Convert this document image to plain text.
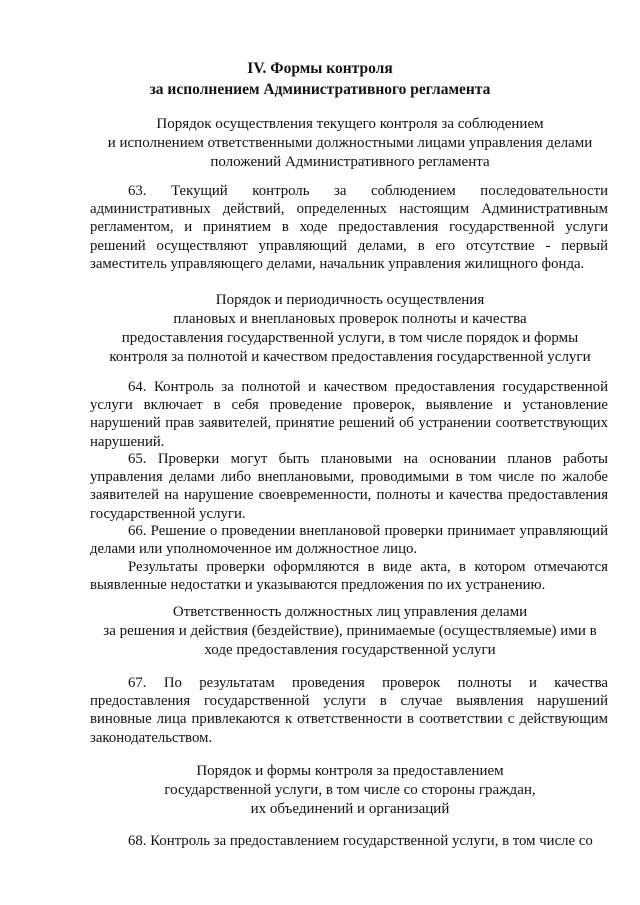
IV. Формы контроля
за исполнением Административного регламента
Порядок осуществления текущего контроля за соблюдением
и исполнением ответственными должностными лицами управления делами
положений Административного регламента

63. Текущий контроль за соблюдением последовательности административных действий, определенных настоящим Административным регламентом, и принятием в ходе предоставления государственной услуги решений осуществляют управляющий делами, в его отсутствие - первый заместитель управляющего делами, начальник управления жилищного фонда.

Порядок и периодичность осуществления
плановых и внеплановых проверок полноты и качества
предоставления государственной услуги, в том числе порядок и формы
контроля за полнотой и качеством предоставления государственной услуги

64. Контроль за полнотой и качеством предоставления государственной услуги включает в себя проведение проверок, выявление и установление нарушений прав заявителей, принятие решений об устранении соответствующих нарушений.

65. Проверки могут быть плановыми на основании планов работы управления делами либо внеплановыми, проводимыми в том числе по жалобе заявителей на нарушение своевременности, полноты и качества предоставления государственной услуги.

66. Решение о проведении внеплановой проверки принимает управляющий делами или уполномоченное им должностное лицо.

Результаты проверки оформляются в виде акта, в котором отмечаются выявленные недостатки и указываются предложения по их устранению.

Ответственность должностных лиц управления делами
за решения и действия (бездействие), принимаемые (осуществляемые) ими в
ходе предоставления государственной услуги

67. По результатам проведения проверок полноты и качества предоставления государственной услуги в случае выявления нарушений виновные лица привлекаются к ответственности в соответствии с действующим законодательством.

Порядок и формы контроля за предоставлением
государственной услуги, в том числе со стороны граждан,
их объединений и организаций

68. Контроль за предоставлением государственной услуги, в том числе со
